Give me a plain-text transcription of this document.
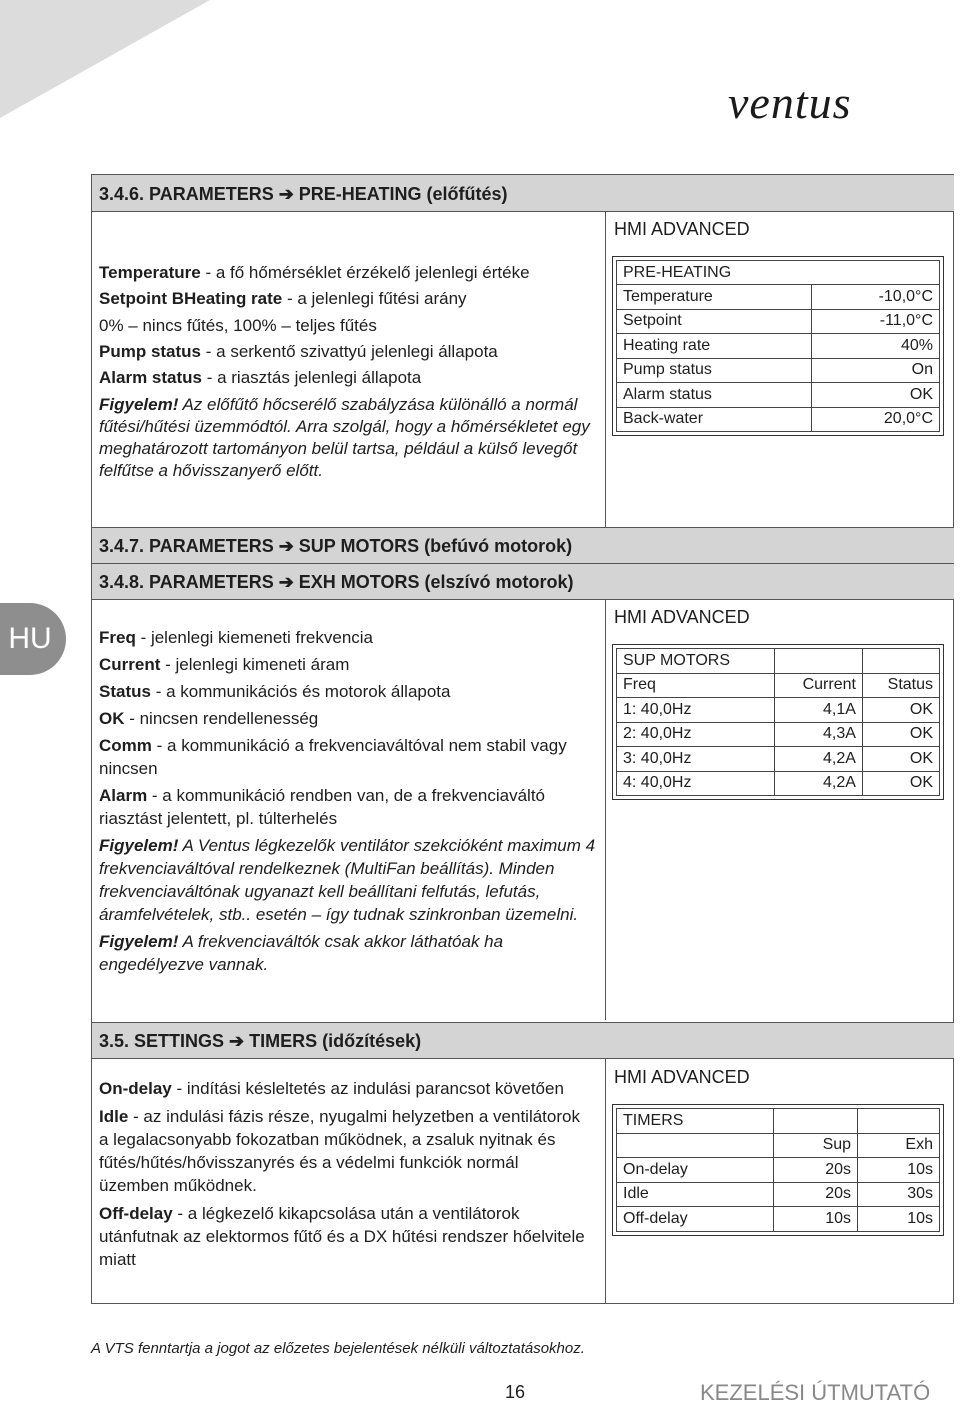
ventus
HU
3.4.6. PARAMETERS ➔ PRE-HEATING (előfűtés)

Temperature - a fő hőmérséklet érzékelő jelenlegi értéke

Setpoint BHeating rate - a jelenlegi fűtési arány

0% – nincs fűtés, 100% – teljes fűtés

Pump status - a serkentő szivattyú jelenlegi állapota

Alarm status - a riasztás jelenlegi állapota

Figyelem! Az előfűtő hőcserélő szabályzása különálló a normál fűtési/hűtési üzemmódtól. Arra szolgál, hogy a hőmérsékletet egy meghatározott tartományon belül tartsa, például a külső levegőt felfűtse a hővisszanyerő előtt.

HMI ADVANCED
PRE-HEATING	
Temperature	-10,0°C
Setpoint	-11,0°C
Heating rate	40%
Pump status	On
Alarm status	OK
Back-water	20,0°C
3.4.7. PARAMETERS ➔ SUP MOTORS (befúvó motorok)
3.4.8. PARAMETERS ➔ EXH MOTORS (elszívó motorok)

Freq - jelenlegi kiemeneti frekvencia

Current - jelenlegi kimeneti áram

Status - a kommunikációs és motorok állapota

OK - nincsen rendellenesség

Comm - a kommunikáció a frekvenciaváltóval nem stabil vagy nincsen

Alarm - a kommunikáció rendben van, de a frekvenciaváltó riasztást jelentett, pl. túlterhelés

Figyelem! A Ventus légkezelők ventilátor szekcióként maximum 4 frekvenciaváltóval rendelkeznek (MultiFan beállítás). Minden frekvenciaváltónak ugyanazt kell beállítani felfutás, lefutás, áramfelvételek, stb.. esetén – így tudnak szinkronban üzemelni.

Figyelem! A frekvenciaváltók csak akkor láthatóak ha engedélyezve vannak.

HMI ADVANCED
SUP MOTORS		
Freq	Current	Status
1: 40,0Hz	4,1A	OK
2: 40,0Hz	4,3A	OK
3: 40,0Hz	4,2A	OK
4: 40,0Hz	4,2A	OK
3.5. SETTINGS ➔ TIMERS (időzítések)

On-delay - indítási késleltetés az indulási parancsot követően

Idle - az indulási fázis része, nyugalmi helyzetben a ventilátorok a legalacsonyabb fokozatban működnek, a zsaluk nyitnak és fűtés/hűtés/hővisszanyrés és a védelmi funkciók normál üzemben működnek.

Off-delay - a légkezelő kikapcsolása után a ventilátorok utánfutnak az elektormos fűtő és a DX hűtési rendszer hőelvitele miatt

HMI ADVANCED
TIMERS		
	Sup	Exh
On-delay	20s	10s
Idle	20s	30s
Off-delay	10s	10s
A VTS fenntartja a jogot az előzetes bejelentések nélküli változtatásokhoz.
16	KEZELÉSI ÚTMUTATÓ
